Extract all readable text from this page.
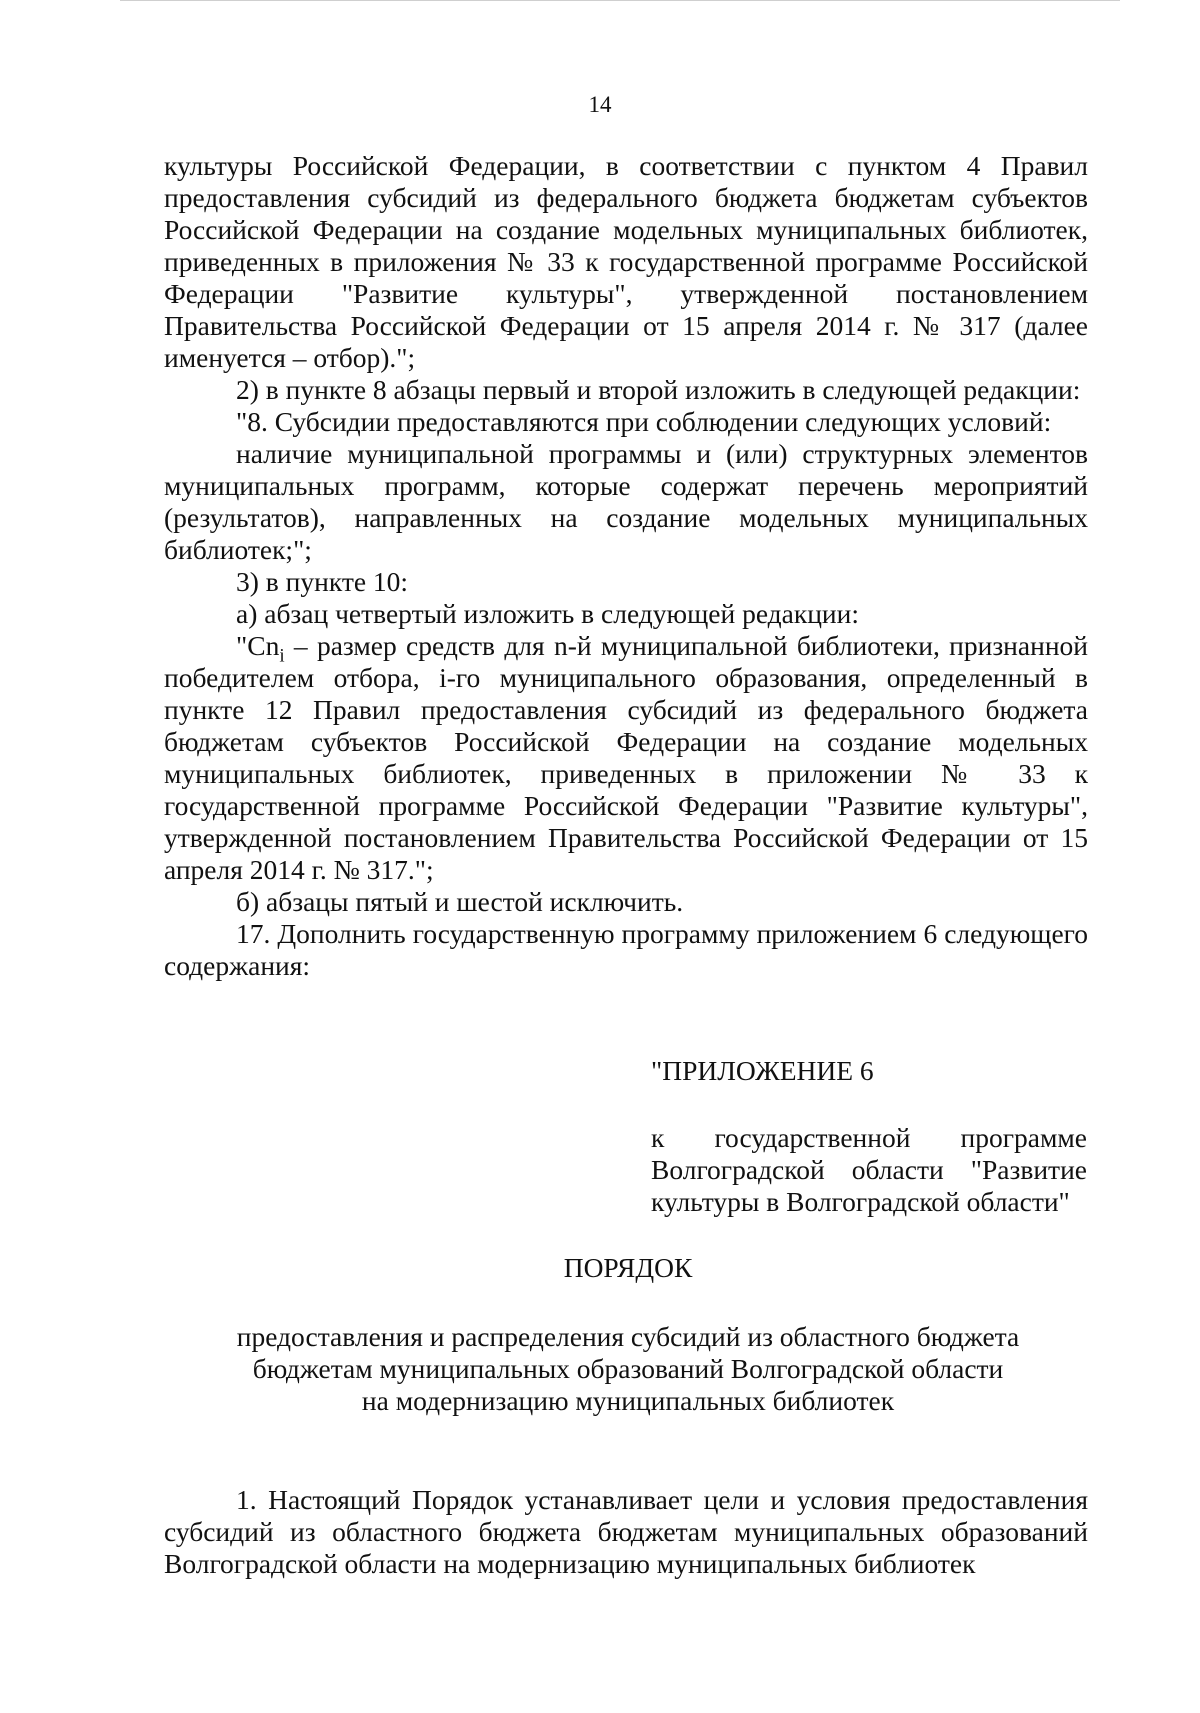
14

культуры Российской Федерации, в соответствии с пунктом 4 Правил предоставления субсидий из федерального бюджета бюджетам субъектов Российской Федерации на создание модельных муниципальных библиотек, приведенных в приложения № 33 к государственной программе Российской Федерации "Развитие культуры", утвержденной постановлением Правительства Российской Федерации от 15 апреля 2014 г. № 317 (далее именуется – отбор).";

2) в пункте 8 абзацы первый и второй изложить в следующей редакции:

"8. Субсидии предоставляются при соблюдении следующих условий:

наличие муниципальной программы и (или) структурных элементов муниципальных программ, которые содержат перечень мероприятий (результатов), направленных на создание модельных муниципальных библиотек;";

3) в пункте 10:

а) абзац четвертый изложить в следующей редакции:

"$Cn_i$ – размер средств для n-й муниципальной библиотеки, признанной победителем отбора, i-го муниципального образования, определенный в пункте 12 Правил предоставления субсидий из федерального бюджета бюджетам субъектов Российской Федерации на создание модельных муниципальных библиотек, приведенных в приложении № 33 к государственной программе Российской Федерации "Развитие культуры", утвержденной постановлением Правительства Российской Федерации от 15 апреля 2014 г. № 317.";

б) абзацы пятый и шестой исключить.

17. Дополнить государственную программу приложением 6 следующего содержания:

"ПРИЛОЖЕНИЕ 6

к государственной программе Волгоградской области "Развитие культуры в Волгоградской области"

ПОРЯДОК

предоставления и распределения субсидий из областного бюджета
бюджетам муниципальных образований Волгоградской области
на модернизацию муниципальных библиотек

1. Настоящий Порядок устанавливает цели и условия предоставления субсидий из областного бюджета бюджетам муниципальных образований Волгоградской области на модернизацию муниципальных библиотек
